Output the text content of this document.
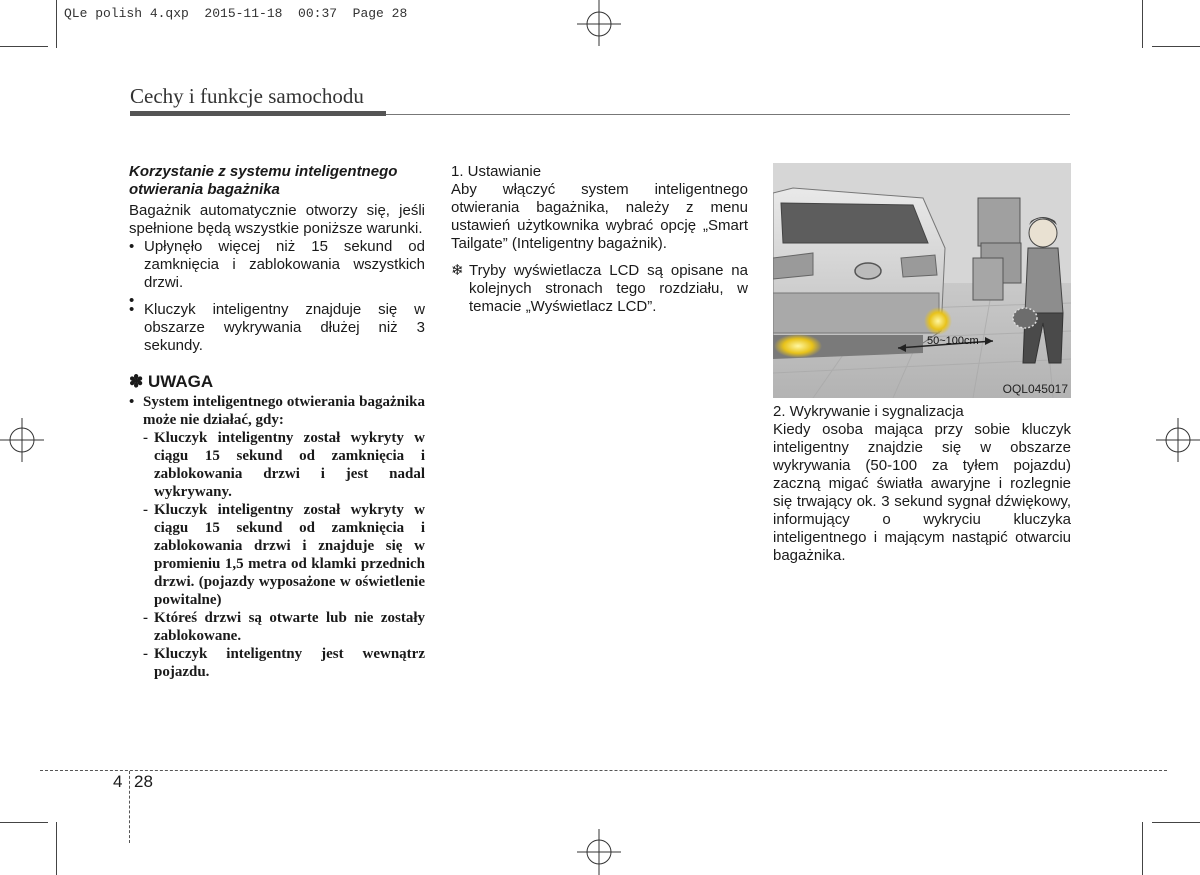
QLe polish 4.qxp  2015-11-18  00:37  Page 28
Cechy i funkcje samochodu
Korzystanie z systemu inteligentnego otwierania bagażnika

Bagażnik automatycznie otworzy się, jeśli spełnione będą wszystkie poniższe warunki.

• Upłynęło więcej niż 15 sekund od zamknięcia i zablokowania wszystkich drzwi.
•
• Kluczyk inteligentny znajduje się w obszarze wykrywania dłużej niż 3 sekundy.
✽ UWAGA
• System inteligentnego otwierania bagażnika może nie działać, gdy:
- Kluczyk inteligentny został wykryty w ciągu 15 sekund od zamknięcia i zablokowania drzwi i jest nadal wykrywany.
- Kluczyk inteligentny został wykryty w ciągu 15 sekund od zamknięcia i zablokowania drzwi i znajduje się w promieniu 1,5 metra od klamki przednich drzwi. (pojazdy wyposażone w oświetlenie powitalne)
- Któreś drzwi są otwarte lub nie zostały zablokowane.
- Kluczyk inteligentny jest wewnątrz pojazdu.
1. Ustawianie

Aby włączyć system inteligentnego otwierania bagażnika, należy z menu ustawień użytkownika wybrać opcję „Smart Tailgate” (Inteligentny bagażnik).

❄ Tryby wyświetlacza LCD są opisane na kolejnych stronach tego rozdziału, w temacie „Wyświetlacz LCD”.
50~100cm
OQL045017
2. Wykrywanie i sygnalizacja

Kiedy osoba mająca przy sobie kluczyk inteligentny znajdzie się w obszarze wykrywania (50-100 za tyłem pojazdu) zaczną migać światła awaryjne i rozlegnie się trwający ok. 3 sekund sygnał dźwiękowy, informujący o wykryciu kluczyka inteligentnego i mającym nastąpić otwarciu bagażnika.

4 28
